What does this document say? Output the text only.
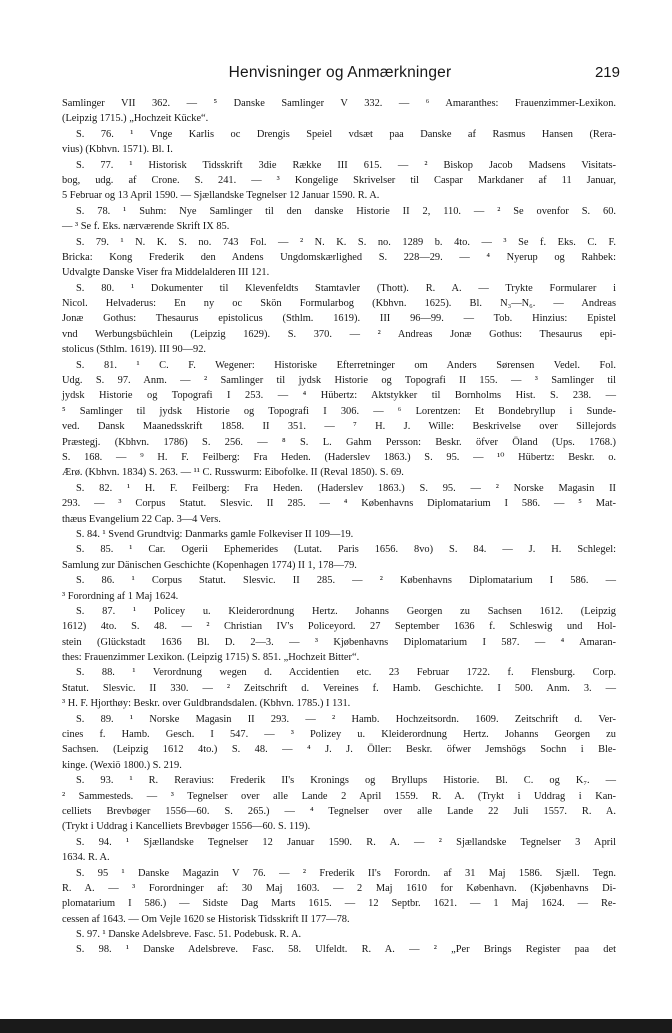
Henvisninger og Anmærkninger	219
Samlinger VII 362. — ⁵ Danske Samlinger V 332. — ⁶ Amaranthes: Frauenzimmer-Lexikon.
(Leipzig 1715.) „Hochzeit Kücke“.
S. 76. ¹ Vnge Karlis oc Drengis Speiel vdsæt paa Danske af Rasmus Hansen (Rera-
vius) (Kbhvn. 1571). Bl. I.
S. 77. ¹ Historisk Tidsskrift 3die Række III 615. — ² Biskop Jacob Madsens Visitats-
bog, udg. af Crone. S. 241. — ³ Kongelige Skrivelser til Caspar Markdaner af 11 Januar,
5 Februar og 13 April 1590. — Sjællandske Tegnelser 12 Januar 1590. R. A.
S. 78. ¹ Suhm: Nye Samlinger til den danske Historie II 2, 110. — ² Se ovenfor S. 60.
— ³ Se f. Eks. nærværende Skrift IX 85.
S. 79. ¹ N. K. S. no. 743 Fol. — ² N. K. S. no. 1289 b. 4to. — ³ Se f. Eks. C. F.
Bricka: Kong Frederik den Andens Ungdomskærlighed S. 228—29. — ⁴ Nyerup og Rahbek:
Udvalgte Danske Viser fra Middelalderen III 121.
S. 80. ¹ Dokumenter til Klevenfeldts Stamtavler (Thott). R. A. — Trykte Formularer i
Nicol. Helvaderus: En ny oc Skön Formularbog (Kbhvn. 1625). Bl. N₃—N₆. — Andreas
Jonæ Gothus: Thesaurus epistolicus (Sthlm. 1619). III 96—99. — Tob. Hinzius: Epistel
vnd Werbungsbüchlein (Leipzig 1629). S. 370. — ² Andreas Jonæ Gothus: Thesaurus epi-
stolicus (Sthlm. 1619). III 90—92.
S. 81. ¹ C. F. Wegener: Historiske Efterretninger om Anders Sørensen Vedel. Fol.
Udg. S. 97. Anm. — ² Samlinger til jydsk Historie og Topografi II 155. — ³ Samlinger til
jydsk Historie og Topografi I 253. — ⁴ Hübertz: Aktstykker til Bornholms Hist. S. 238. —
⁵ Samlinger til jydsk Historie og Topografi I 306. — ⁶ Lorentzen: Et Bondebryllup i Sunde-
ved. Dansk Maanedsskrift 1858. II 351. — ⁷ H. J. Wille: Beskrivelse over Sillejords
Præstegj. (Kbhvn. 1786) S. 256. — ⁸ S. L. Gahm Persson: Beskr. öfver Öland (Ups. 1768.)
S. 168. — ⁹ H. F. Feilberg: Fra Heden. (Haderslev 1863.) S. 95. — ¹⁰ Hübertz: Beskr. o.
Ærø. (Kbhvn. 1834) S. 263. — ¹¹ C. Russwurm: Eibofolke. II (Reval 1850). S. 69.
S. 82. ¹ H. F. Feilberg: Fra Heden. (Haderslev 1863.) S. 95. — ² Norske Magasin II
293. — ³ Corpus Statut. Slesvic. II 285. — ⁴ Københavns Diplomatarium I 586. — ⁵ Mat-
thæus Evangelium 22 Cap. 3—4 Vers.
S. 84. ¹ Svend Grundtvig: Danmarks gamle Folkeviser II 109—19.
S. 85. ¹ Car. Ogerii Ephemerides (Lutat. Paris 1656. 8vo) S. 84. — J. H. Schlegel:
Samlung zur Dänischen Geschichte (Kopenhagen 1774) II 1, 178—79.
S. 86. ¹ Corpus Statut. Slesvic. II 285. — ² Københavns Diplomatarium I 586. —
³ Forordning af 1 Maj 1624.
S. 87. ¹ Policey u. Kleiderordnung Hertz. Johanns Georgen zu Sachsen 1612. (Leipzig
1612) 4to. S. 48. — ² Christian IV's Policeyord. 27 September 1636 f. Schleswig und Hol-
stein (Glückstadt 1636 Bl. D. 2—3. — ³ Kjøbenhavns Diplomatarium I 587. — ⁴ Amaran-
thes: Frauenzimmer Lexikon. (Leipzig 1715) S. 851. „Hochzeit Bitter“.
S. 88. ¹ Verordnung wegen d. Accidentien etc. 23 Februar 1722. f. Flensburg. Corp.
Statut. Slesvic. II 330. — ² Zeitschrift d. Vereines f. Hamb. Geschichte. I 500. Anm. 3. —
³ H. F. Hjorthøy: Beskr. over Guldbrandsdalen. (Kbhvn. 1785.) I 131.
S. 89. ¹ Norske Magasin II 293. — ² Hamb. Hochzeitsordn. 1609. Zeitschrift d. Ver-
cines f. Hamb. Gesch. I 547. — ³ Polizey u. Kleiderordnung Hertz. Johanns Georgen zu
Sachsen. (Leipzig 1612 4to.) S. 48. — ⁴ J. J. Öller: Beskr. öfwer Jemshögs Sochn i Ble-
kinge. (Wexiö 1800.) S. 219.
S. 93. ¹ R. Reravius: Frederik II's Kronings og Bryllups Historie. Bl. C. og K₇. —
² Sammesteds. — ³ Tegnelser over alle Lande 2 April 1559. R. A. (Trykt i Uddrag i Kan-
celliets Brevbøger 1556—60. S. 265.) — ⁴ Tegnelser over alle Lande 22 Juli 1557. R. A.
(Trykt i Uddrag i Kancelliets Brevbøger 1556—60. S. 119).
S. 94. ¹ Sjællandske Tegnelser 12 Januar 1590. R. A. — ² Sjællandske Tegnelser 3 April
1634. R. A.
S. 95 ¹ Danske Magazin V 76. — ² Frederik II's Forordn. af 31 Maj 1586. Sjæll. Tegn.
R. A. — ³ Forordninger af: 30 Maj 1603. — 2 Maj 1610 for København. (Kjøbenhavns Di-
plomatarium I 586.) — Sidste Dag Marts 1615. — 12 Septbr. 1621. — 1 Maj 1624. — Re-
cessen af 1643. — Om Vejle 1620 se Historisk Tidsskrift II 177—78.
S. 97. ¹ Danske Adelsbreve. Fasc. 51. Podebusk. R. A.
S. 98. ¹ Danske Adelsbreve. Fasc. 58. Ulfeldt. R. A. — ² „Per Brings Register paa det
